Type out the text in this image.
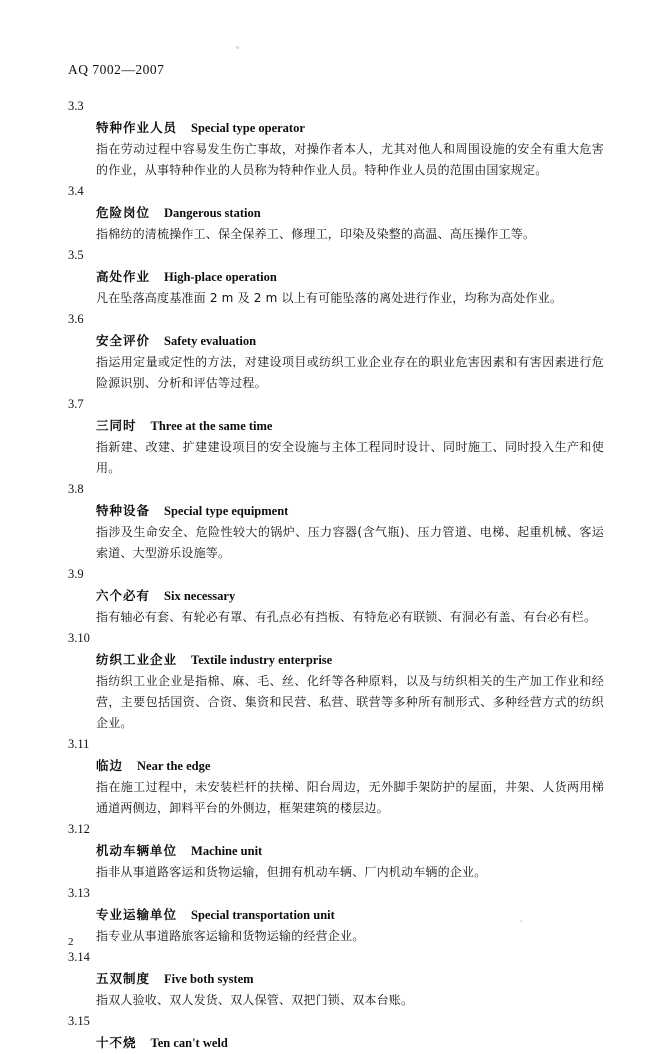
AQ 7002—2007
3.3
特种作业人员 Special type operator
指在劳动过程中容易发生伤亡事故，对操作者本人，尤其对他人和周围设施的安全有重大危害的作业，从事特种作业的人员称为特种作业人员。特种作业人员的范围由国家规定。
3.4
危险岗位 Dangerous station
指棉纺的清梳操作工、保全保养工、修理工，印染及染整的高温、高压操作工等。
3.5
高处作业 High-place operation
凡在坠落高度基准面 2 m 及 2 m 以上有可能坠落的离处进行作业，均称为高处作业。
3.6
安全评价 Safety evaluation
指运用定量或定性的方法，对建设项目或纺织工业企业存在的职业危害因素和有害因素进行危险源识别、分析和评估等过程。
3.7
三同时 Three at the same time
指新建、改建、扩建建设项目的安全设施与主体工程同时设计、同时施工、同时投入生产和使用。
3.8
特种设备 Special type equipment
指涉及生命安全、危险性较大的锅炉、压力容器(含气瓶)、压力管道、电梯、起重机械、客运索道、大型游乐设施等。
3.9
六个必有 Six necessary
指有轴必有套、有轮必有罩、有孔点必有挡板、有特危必有联锁、有洞必有盖、有台必有栏。
3.10
纺织工业企业 Textile industry enterprise
指纺织工业企业是指棉、麻、毛、丝、化纤等各种原料，以及与纺织相关的生产加工作业和经营，主要包括国资、合资、集资和民营、私营、联营等多种所有制形式、多种经营方式的纺织企业。
3.11
临边 Near the edge
指在施工过程中，未安装栏杆的扶梯、阳台周边，无外脚手架防护的屋面，井架、人货两用梯通道两侧边，卸料平台的外侧边，框架建筑的楼层边。
3.12
机动车辆单位 Machine unit
指非从事道路客运和货物运输，但拥有机动车辆、厂内机动车辆的企业。
3.13
专业运输单位 Special transportation unit
指专业从事道路旅客运输和货物运输的经营企业。
3.14
五双制度 Five both system
指双人验收、双人发货、双人保管、双把门锁、双本台账。
3.15
十不烧 Ten can't weld
2
